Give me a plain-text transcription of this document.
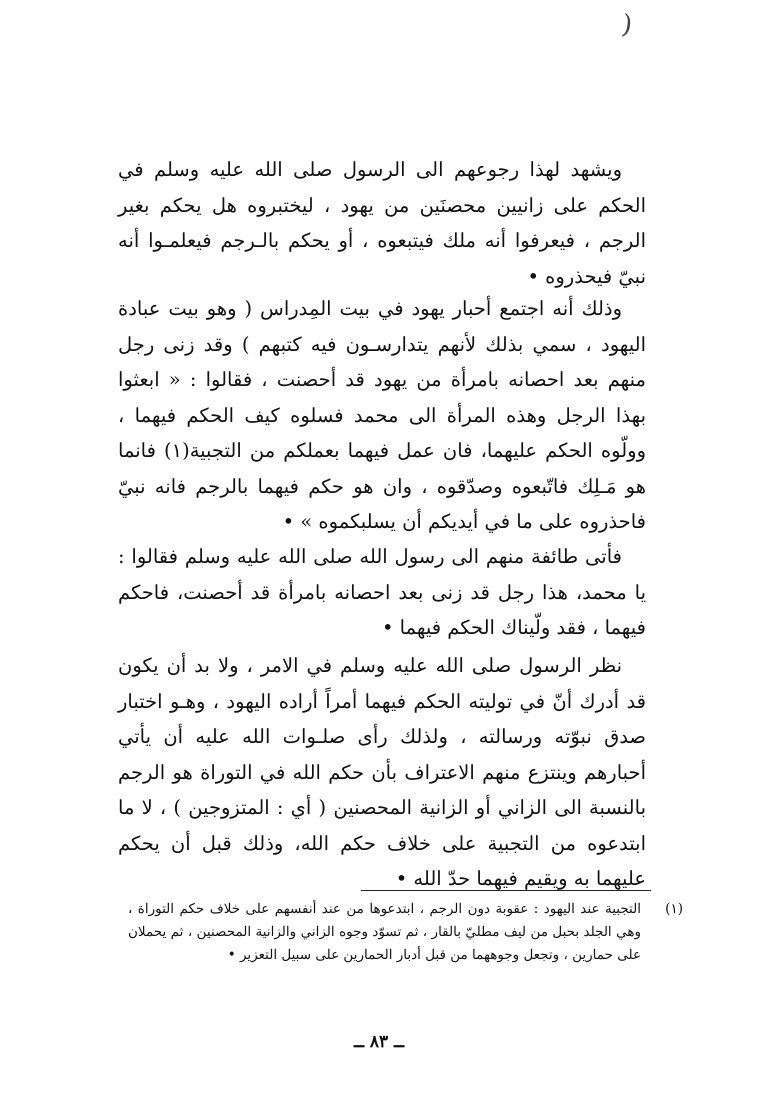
)

ويشهد لهذا رجوعهم الى الرسول صلى الله عليه وسلم في الحكم على زانيين محصنَين من يهود ، ليختبروه هل يحكم بغير الرجم ، فيعرفوا أنه ملك فيتبعوه ، أو يحكم بالـرجم فيعلمـوا أنه نبيّ فيحذروه •

وذلك أنه اجتمع أحبار يهود في بيت المِدراس ( وهو بيت عبادة اليهود ، سمي بذلك لأنهم يتدارسـون فيه كتبهم ) وقد زنى رجل منهم بعد احصانه بامرأة من يهود قد أحصنت ، فقالوا : « ابعثوا بهذا الرجل وهذه المرأة الى محمد فسلوه كيف الحكم فيهما ، وولّوه الحكم عليهما، فان عمل فيهما بعملكم من التجبية(١) فانما هو مَـلِك فاتّبعوه وصدّقوه ، وان هو حكم فيهما بالرجم فانه نبيّ فاحذروه على ما في أيديكم أن يسلبكموه » •

فأتى طائفة منهم الى رسول الله صلى الله عليه وسلم فقالوا : يا محمد، هذا رجل قد زنى بعد احصانه بامرأة قد أحصنت، فاحكم فيهما ، فقد ولّيناك الحكم فيهما •

نظر الرسول صلى الله عليه وسلم في الامر ، ولا بد أن يكون قد أدرك أنّ في توليته الحكم فيهما أمراً أراده اليهود ، وهـو اختبار صدق نبوّته ورسالته ، ولذلك رأى صلـوات الله عليه أن يأتي أحبارهم وينتزع منهم الاعتراف بأن حكم الله في التوراة هو الرجم بالنسبة الى الزاني أو الزانية المحصنين ( أي : المتزوجين ) ، لا ما ابتدعوه من التجبية على خلاف حكم الله، وذلك قبل أن يحكم عليهما به ويقيم فيهما حدّ الله •

(١)
التجبية عند اليهود : عقوبة دون الرجم ، ابتدعوها من عند أنفسهم على خلاف حكم التوراة ، وهي الجلد بحبل من ليف مطليّ بالقار ، ثم تسوّد وجوه الزاني والزانية المحصنين ، ثم يحملان على حمارين ، وتجعل وجوههما من قبل أدبار الحمارين على سبيل التعزير •
ــ ٨٣ ــ
